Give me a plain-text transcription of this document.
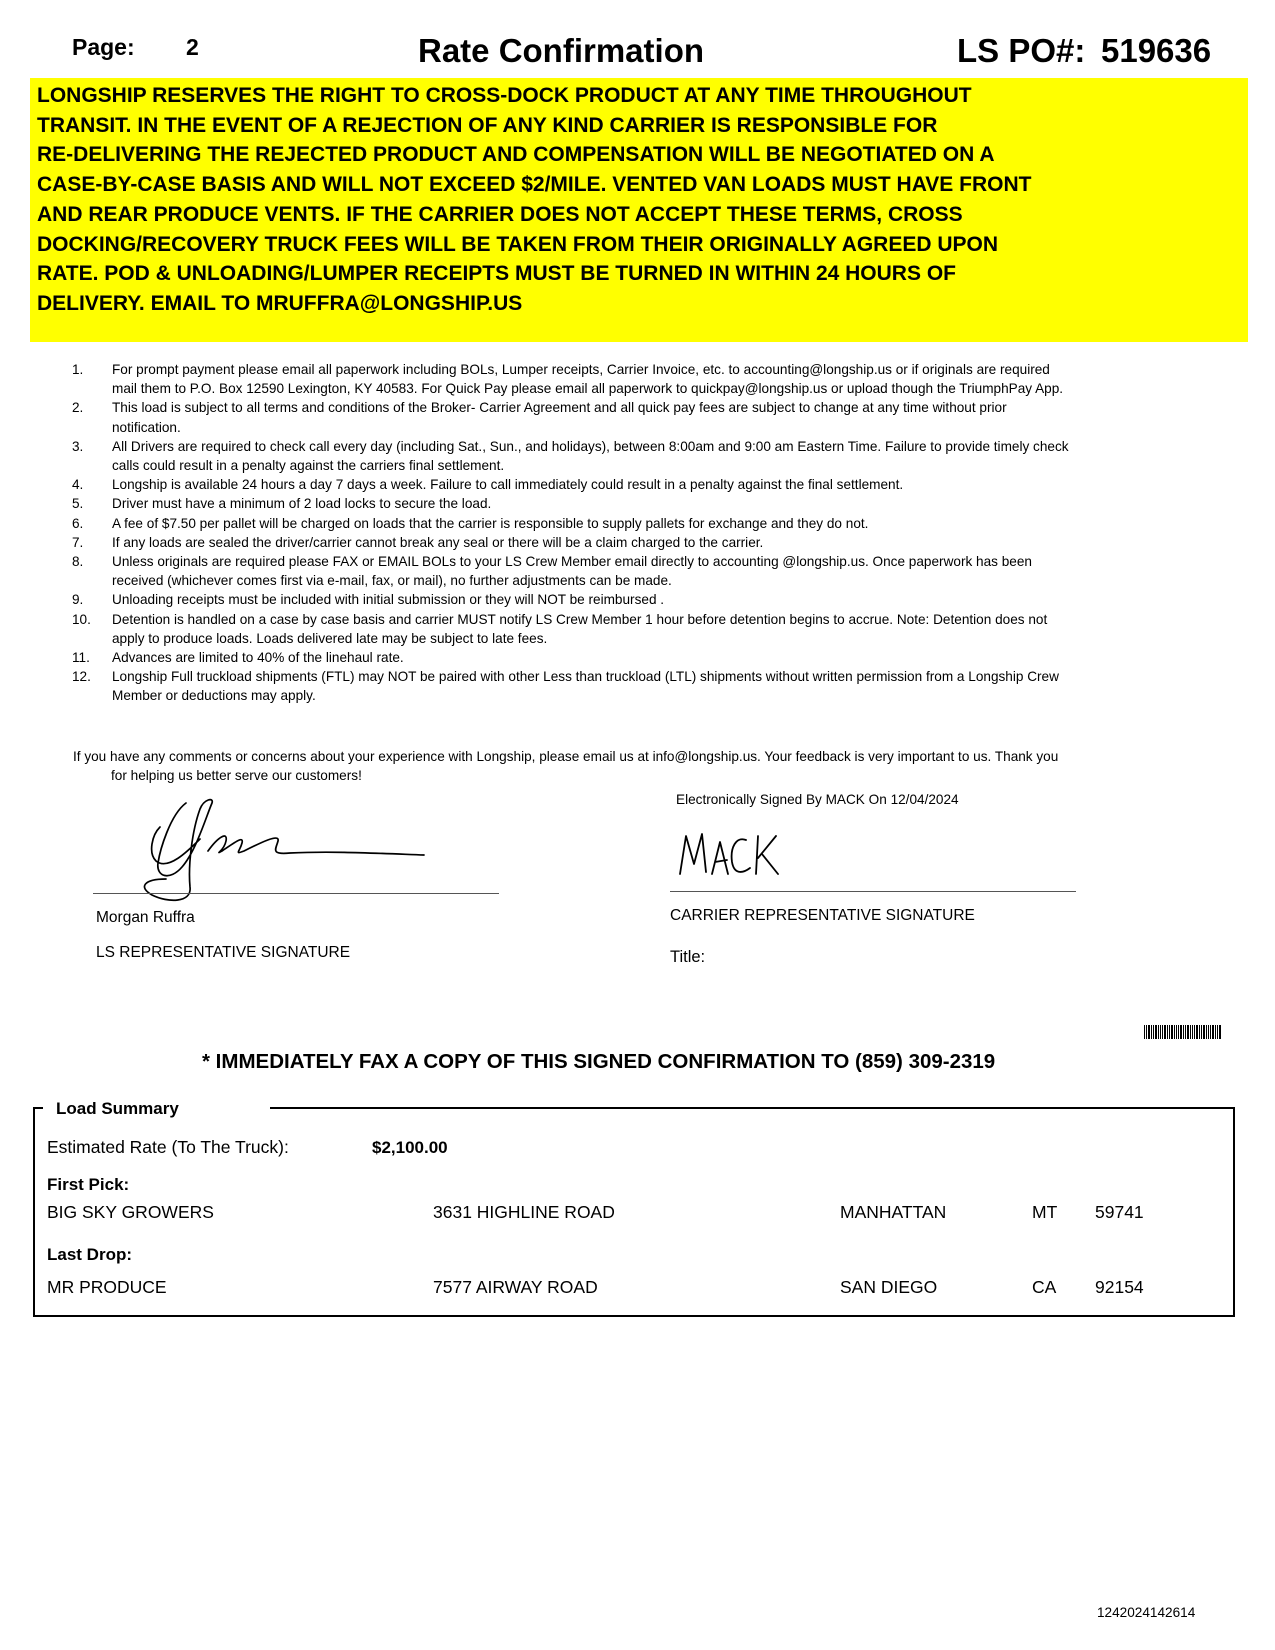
Page: 2	Rate Confirmation	LS PO#: 519636
LONGSHIP RESERVES THE RIGHT TO CROSS-DOCK PRODUCT AT ANY TIME THROUGHOUT
TRANSIT. IN THE EVENT OF A REJECTION OF ANY KIND CARRIER IS RESPONSIBLE FOR
RE-DELIVERING THE REJECTED PRODUCT AND COMPENSATION WILL BE NEGOTIATED ON A
CASE-BY-CASE BASIS AND WILL NOT EXCEED $2/MILE. VENTED VAN LOADS MUST HAVE FRONT
AND REAR PRODUCE VENTS. IF THE CARRIER DOES NOT ACCEPT THESE TERMS, CROSS
DOCKING/RECOVERY TRUCK FEES WILL BE TAKEN FROM THEIR ORIGINALLY AGREED UPON
RATE. POD & UNLOADING/LUMPER RECEIPTS MUST BE TURNED IN WITHIN 24 HOURS OF
DELIVERY. EMAIL TO MRUFFRA@LONGSHIP.US
1. For prompt payment please email all paperwork including BOLs, Lumper receipts, Carrier Invoice, etc. to accounting@longship.us or if originals are required mail them to P.O. Box 12590 Lexington, KY 40583. For Quick Pay please email all paperwork to quickpay@longship.us or upload though the TriumphPay App.
2. This load is subject to all terms and conditions of the Broker- Carrier Agreement and all quick pay fees are subject to change at any time without prior notification.
3. All Drivers are required to check call every day (including Sat., Sun., and holidays), between 8:00am and 9:00 am Eastern Time. Failure to provide timely check calls could result in a penalty against the carriers final settlement.
4. Longship is available 24 hours a day 7 days a week. Failure to call immediately could result in a penalty against the final settlement.
5. Driver must have a minimum of 2 load locks to secure the load.
6. A fee of $7.50 per pallet will be charged on loads that the carrier is responsible to supply pallets for exchange and they do not.
7. If any loads are sealed the driver/carrier cannot break any seal or there will be a claim charged to the carrier.
8. Unless originals are required please FAX or EMAIL BOLs to your LS Crew Member email directly to accounting @longship.us. Once paperwork has been received (whichever comes first via e-mail, fax, or mail), no further adjustments can be made.
9. Unloading receipts must be included with initial submission or they will NOT be reimbursed .
10. Detention is handled on a case by case basis and carrier MUST notify LS Crew Member 1 hour before detention begins to accrue. Note: Detention does not apply to produce loads. Loads delivered late may be subject to late fees.
11. Advances are limited to 40% of the linehaul rate.
12. Longship Full truckload shipments (FTL) may NOT be paired with other Less than truckload (LTL) shipments without written permission from a Longship Crew Member or deductions may apply.
If you have any comments or concerns about your experience with Longship, please email us at info@longship.us. Your feedback is very important to us. Thank you for helping us better serve our customers!
Electronically Signed By MACK On 12/04/2024
Morgan Ruffra
LS REPRESENTATIVE SIGNATURE
CARRIER REPRESENTATIVE SIGNATURE
Title:
* IMMEDIATELY FAX A COPY OF THIS SIGNED CONFIRMATION TO (859) 309-2319
Load Summary
Estimated Rate (To The Truck):	$2,100.00
First Pick:
BIG SKY GROWERS	3631 HIGHLINE ROAD	MANHATTAN	MT 59741
Last Drop:
MR PRODUCE	7577 AIRWAY ROAD	SAN DIEGO	CA 92154
1242024142614
